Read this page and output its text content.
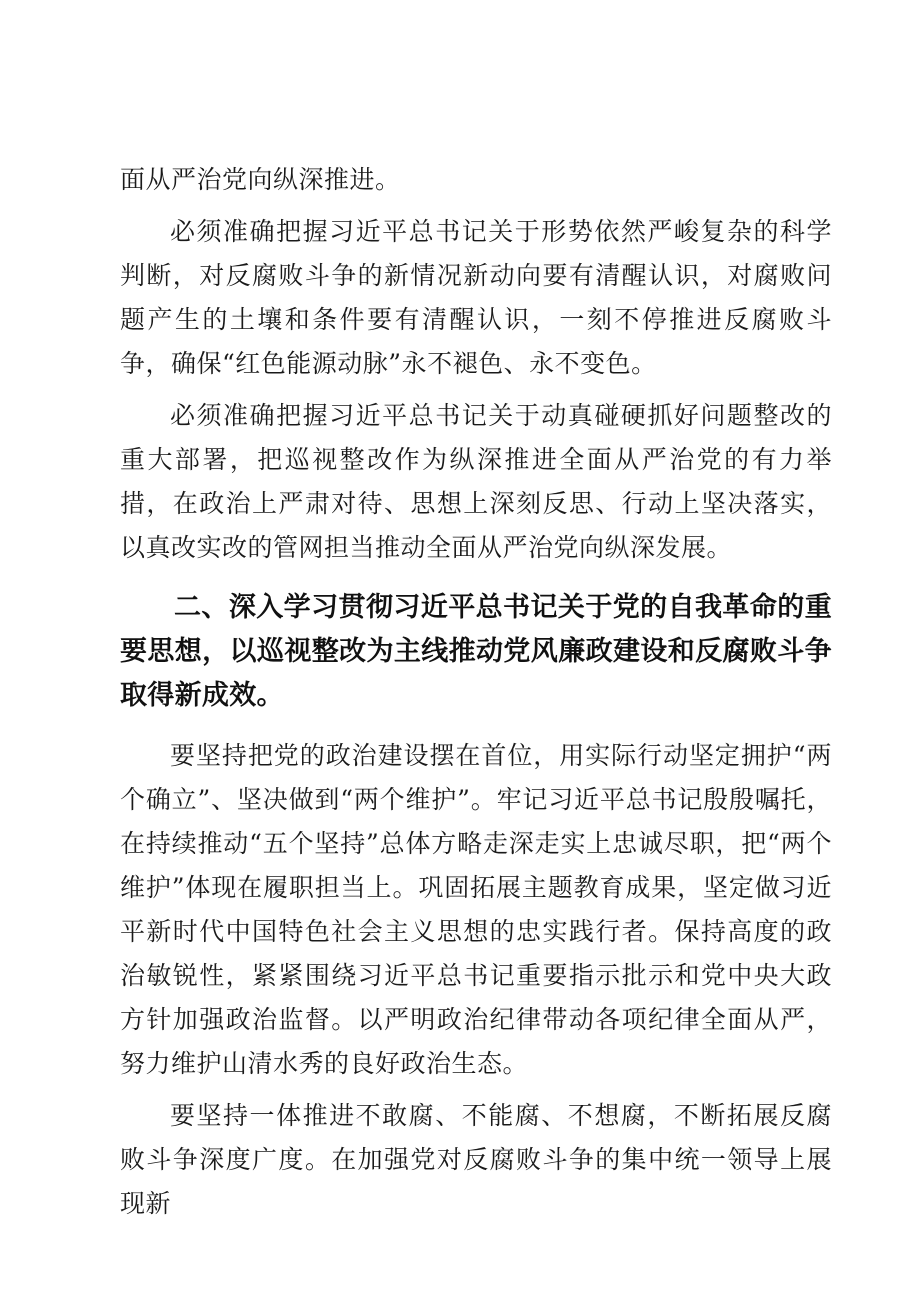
面从严治党向纵深推进。

必须准确把握习近平总书记关于形势依然严峻复杂的科学判断，对反腐败斗争的新情况新动向要有清醒认识，对腐败问题产生的土壤和条件要有清醒认识，一刻不停推进反腐败斗争，确保“红色能源动脉”永不褪色、永不变色。

必须准确把握习近平总书记关于动真碰硬抓好问题整改的重大部署，把巡视整改作为纵深推进全面从严治党的有力举措，在政治上严肃对待、思想上深刻反思、行动上坚决落实，以真改实改的管网担当推动全面从严治党向纵深发展。

二、深入学习贯彻习近平总书记关于党的自我革命的重要思想，以巡视整改为主线推动党风廉政建设和反腐败斗争取得新成效。

要坚持把党的政治建设摆在首位，用实际行动坚定拥护“两个确立”、坚决做到“两个维护”。牢记习近平总书记殷殷嘱托，在持续推动“五个坚持”总体方略走深走实上忠诚尽职，把“两个维护”体现在履职担当上。巩固拓展主题教育成果，坚定做习近平新时代中国特色社会主义思想的忠实践行者。保持高度的政治敏锐性，紧紧围绕习近平总书记重要指示批示和党中央大政方针加强政治监督。以严明政治纪律带动各项纪律全面从严，努力维护山清水秀的良好政治生态。

要坚持一体推进不敢腐、不能腐、不想腐，不断拓展反腐败斗争深度广度。在加强党对反腐败斗争的集中统一领导上展现新
